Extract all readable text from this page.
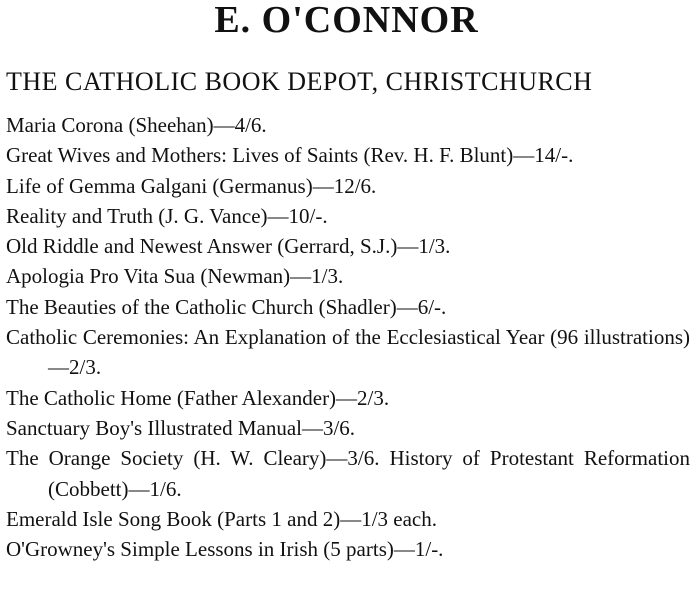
E. O'CONNOR
THE CATHOLIC BOOK DEPOT, CHRISTCHURCH
Maria Corona (Sheehan)—4/6.
Great Wives and Mothers: Lives of Saints (Rev. H. F. Blunt)—14/-.
Life of Gemma Galgani (Germanus)—12/6.
Reality and Truth (J. G. Vance)—10/-.
Old Riddle and Newest Answer (Gerrard, S.J.)—1/3.
Apologia Pro Vita Sua (Newman)—1/3.
The Beauties of the Catholic Church (Shadler)—6/-.
Catholic Ceremonies: An Explanation of the Ecclesiastical Year (96 illustrations)—2/3.
The Catholic Home (Father Alexander)—2/3.
Sanctuary Boy's Illustrated Manual—3/6.
The Orange Society (H. W. Cleary)—3/6. History of Protestant Reformation (Cobbett)—1/6.
Emerald Isle Song Book (Parts 1 and 2)—1/3 each.
O'Growney's Simple Lessons in Irish (5 parts)—1/-.
